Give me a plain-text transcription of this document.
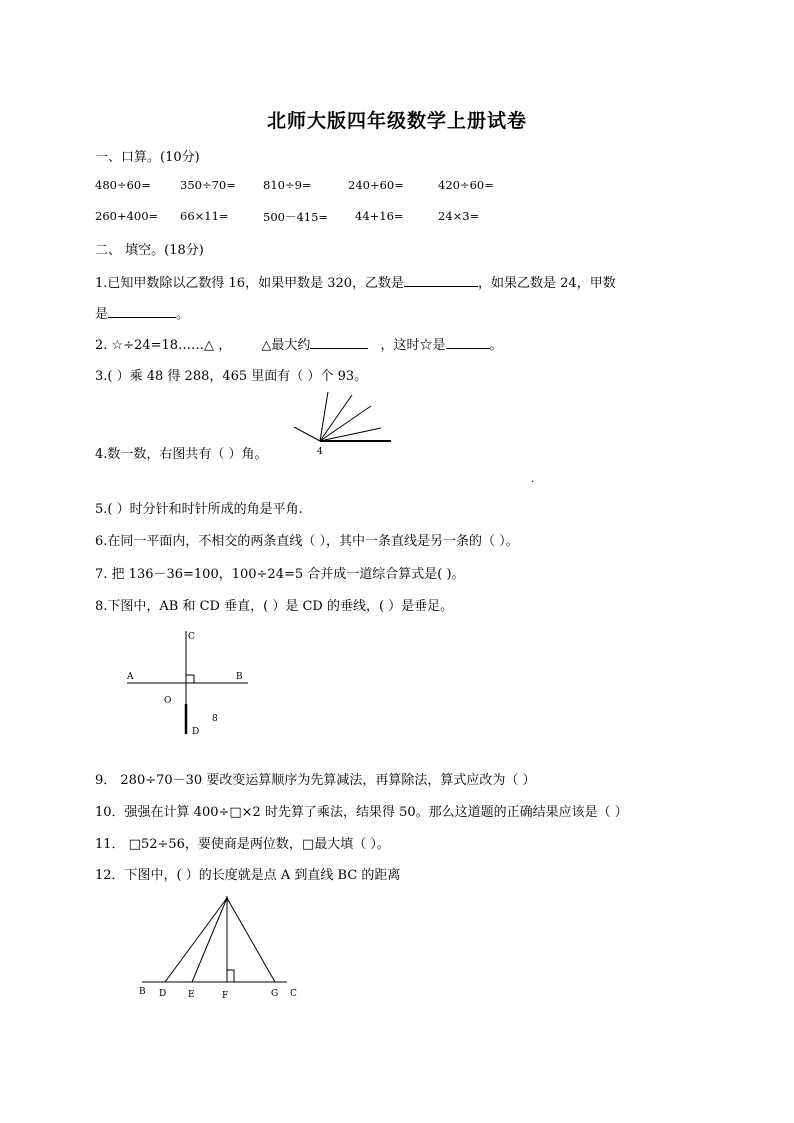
北师大版四年级数学上册试卷
一、口算。(10分)
480÷60=	350÷70= 810÷9=	240+60=	420÷60=
260+400= 66×11=	500－415= 44+16=	24×3=
二、 填空。(18分)
1.已知甲数除以乙数得 16，如果甲数是 320，乙数是	，如果乙数是 24，甲数
是	。
2. ☆÷24=18……△ ， △最大约	，这时☆是	。
3.( ）乘 48 得 288，465 里面有（ ）个 93。
4
4.数一数，右图共有（ ）角。
.
5.( ）时分针和时针所成的角是平角.
6.在同一平面内，不相交的两条直线（ ），其中一条直线是另一条的（ ）。
7. 把 136－36=100，100÷24=5 合并成一道综合算式是( )。
8.下图中，AB 和 CD 垂直，( ）是 CD 的垂线，( ）是垂足。
A	B
C
D
O
8
9． 280÷70－30 要改变运算顺序为先算减法，再算除法，算式应改为（ ）
10．强强在计算 400÷□×2 时先算了乘法，结果得 50。那么这道题的正确结果应该是（ ）
11． □52÷56，要使商是两位数，□最大填（ ）。
12．下图中，( ）的长度就是点 A 到直线 BC 的距离
A
B D E	F	G C
